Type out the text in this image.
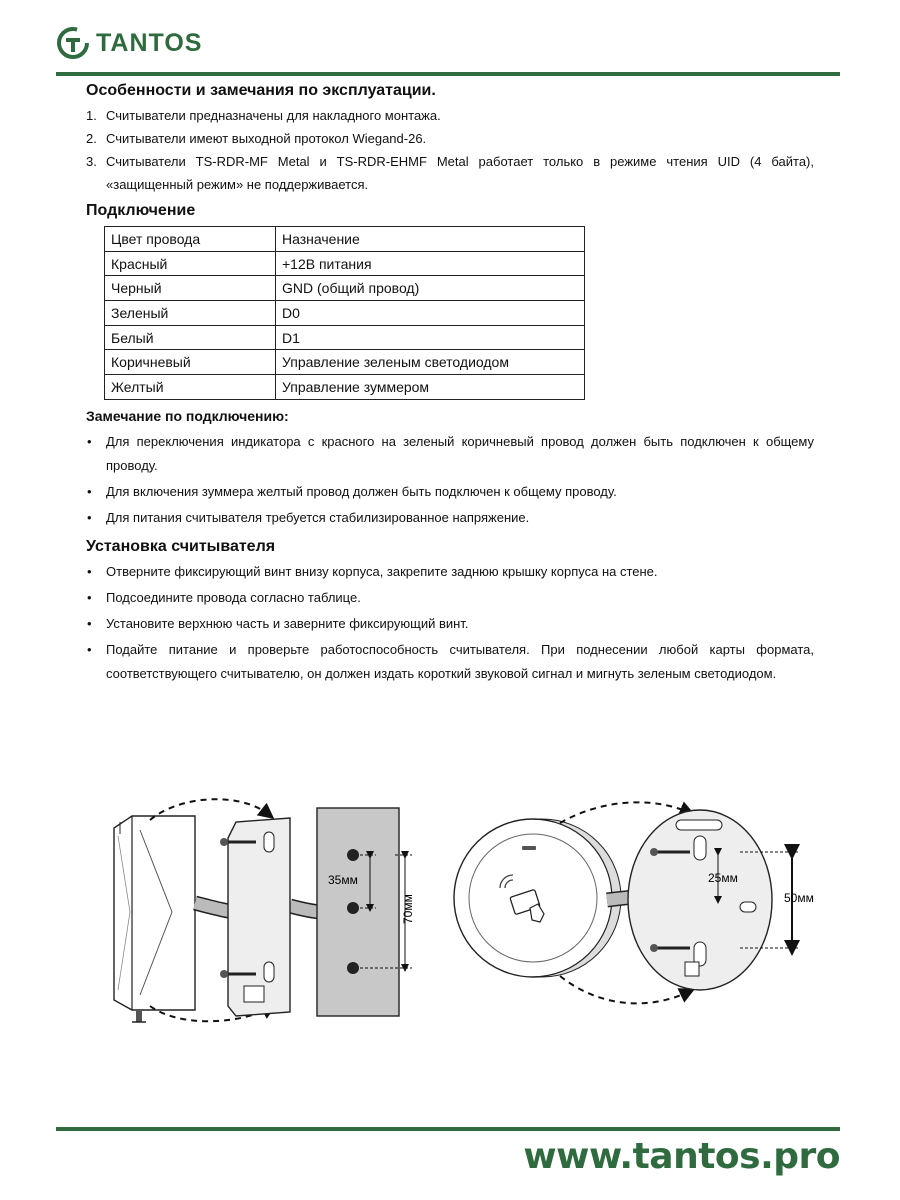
TANTOS
Особенности и замечания по эксплуатации.
1. Считыватели предназначены для накладного монтажа.
2. Считыватели имеют выходной протокол Wiegand-26.
3. Считыватели TS-RDR-MF Metal и TS-RDR-EHMF Metal работает только в режиме чтения UID (4 байта), «защищенный режим» не поддерживается.
Подключение
Цвет провода	Назначение
Красный	+12В питания
Черный	GND (общий провод)
Зеленый	D0
Белый	D1
Коричневый	Управление зеленым светодиодом
Желтый	Управление зуммером
Замечание по подключению:
• Для переключения индикатора с красного на зеленый коричневый провод должен быть подключен к общему проводу.
• Для включения зуммера желтый провод должен быть подключен к общему проводу.
• Для питания считывателя требуется стабилизированное напряжение.
Установка считывателя
• Отверните фиксирующий винт внизу корпуса, закрепите заднюю крышку корпуса на стене.
• Подсоедините провода согласно таблице.
• Установите верхнюю часть и заверните фиксирующий винт.
• Подайте питание и проверьте работоспособность считывателя. При поднесении любой карты формата, соответствующего считывателю, он должен издать короткий звуковой сигнал и мигнуть зеленым светодиодом.
35мм
70мм
25мм
50мм
www.tantos.pro
